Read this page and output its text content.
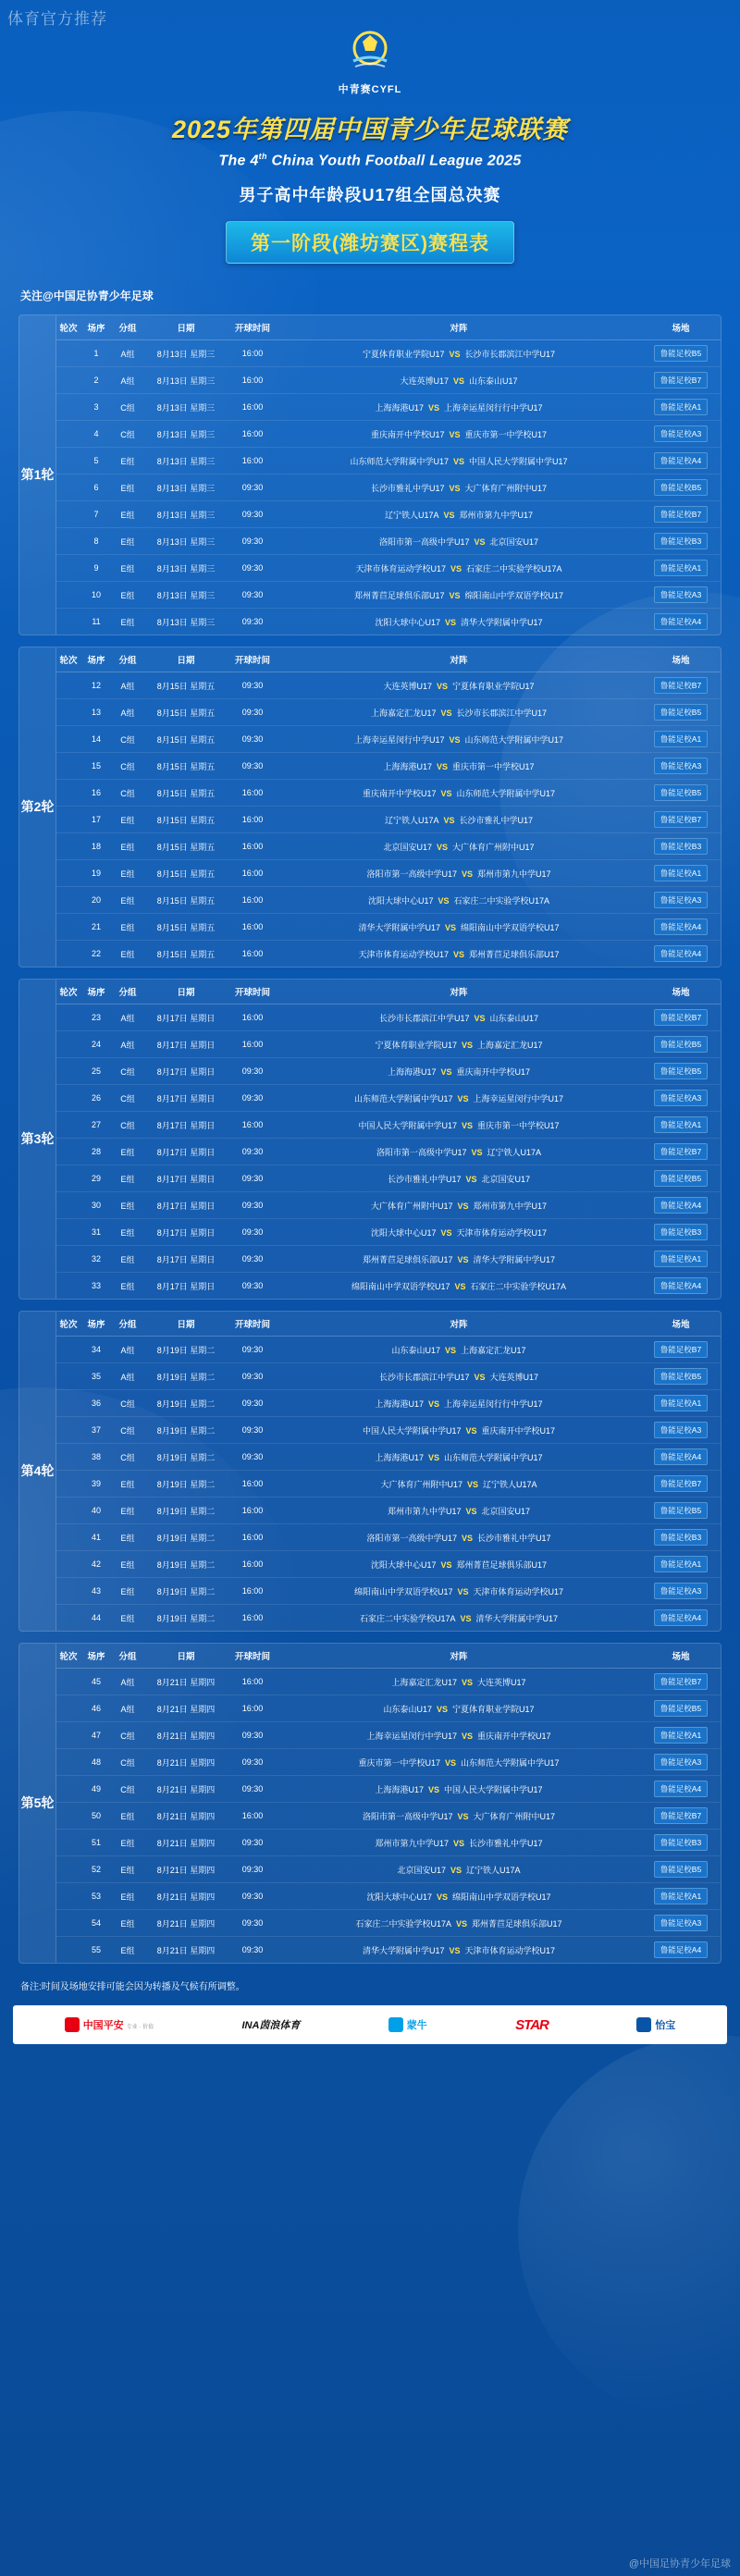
体育官方推荐
中青赛CYFL
2025年第四届中国青少年足球联赛
The 4th China Youth Football League 2025
男子高中年龄段U17组全国总决赛
第一阶段(潍坊赛区)赛程表
关注@中国足协青少年足球
第1轮
轮次	场序	分组	日期	开球时间	对阵	场地
	1	A组	8月13日 星期三	16:00	宁夏体育职业学院U17 VS 长沙市长郡滨江中学U17	鲁能足校B5
	2	A组	8月13日 星期三	16:00	大连英博U17 VS 山东泰山U17	鲁能足校B7
	3	C组	8月13日 星期三	16:00	上海海港U17 VS 上海幸运星闵行行中学U17	鲁能足校A1
	4	C组	8月13日 星期三	16:00	重庆南开中学校U17 VS 重庆市第一中学校U17	鲁能足校A3
	5	E组	8月13日 星期三	16:00	山东师范大学附属中学U17 VS 中国人民大学附属中学U17	鲁能足校A4
	6	E组	8月13日 星期三	09:30	长沙市雅礼中学U17 VS 大广体育广州附中U17	鲁能足校B5
	7	E组	8月13日 星期三	09:30	辽宁铁人U17A VS 郑州市第九中学U17	鲁能足校B7
	8	E组	8月13日 星期三	09:30	洛阳市第一高级中学U17 VS 北京国安U17	鲁能足校B3
	9	E组	8月13日 星期三	09:30	天津市体育运动学校U17 VS 石家庄二中实验学校U17A	鲁能足校A1
	10	E组	8月13日 星期三	09:30	郑州菁苣足球俱乐部U17 VS 绵阳南山中学双语学校U17	鲁能足校A3
	11	E组	8月13日 星期三	09:30	沈阳大球中心U17 VS 清华大学附属中学U17	鲁能足校A4
第2轮
轮次	场序	分组	日期	开球时间	对阵	场地
	12	A组	8月15日 星期五	09:30	大连英博U17 VS 宁夏体育职业学院U17	鲁能足校B7
	13	A组	8月15日 星期五	09:30	上海嘉定汇龙U17 VS 长沙市长郡滨江中学U17	鲁能足校B5
	14	C组	8月15日 星期五	09:30	上海幸运星闵行中学U17 VS 山东师范大学附属中学U17	鲁能足校A1
	15	C组	8月15日 星期五	09:30	上海海港U17 VS 重庆市第一中学校U17	鲁能足校A3
	16	C组	8月15日 星期五	16:00	重庆南开中学校U17 VS 山东师范大学附属中学U17	鲁能足校B5
	17	E组	8月15日 星期五	16:00	辽宁铁人U17A VS 长沙市雅礼中学U17	鲁能足校B7
	18	E组	8月15日 星期五	16:00	北京国安U17 VS 大广体育广州附中U17	鲁能足校B3
	19	E组	8月15日 星期五	16:00	洛阳市第一高级中学U17 VS 郑州市第九中学U17	鲁能足校A1
	20	E组	8月15日 星期五	16:00	沈阳大球中心U17 VS 石家庄二中实验学校U17A	鲁能足校A3
	21	E组	8月15日 星期五	16:00	清华大学附属中学U17 VS 绵阳南山中学双语学校U17	鲁能足校A4
	22	E组	8月15日 星期五	16:00	天津市体育运动学校U17 VS 郑州菁苣足球俱乐部U17	鲁能足校A4
第3轮
轮次	场序	分组	日期	开球时间	对阵	场地
	23	A组	8月17日 星期日	16:00	长沙市长郡滨江中学U17 VS 山东泰山U17	鲁能足校B7
	24	A组	8月17日 星期日	16:00	宁夏体育职业学院U17 VS 上海嘉定汇龙U17	鲁能足校B5
	25	C组	8月17日 星期日	09:30	上海海港U17 VS 重庆南开中学校U17	鲁能足校B5
	26	C组	8月17日 星期日	09:30	山东师范大学附属中学U17 VS 上海幸运星闵行中学U17	鲁能足校A3
	27	C组	8月17日 星期日	16:00	中国人民大学附属中学U17 VS 重庆市第一中学校U17	鲁能足校A1
	28	E组	8月17日 星期日	09:30	洛阳市第一高级中学U17 VS 辽宁铁人U17A	鲁能足校B7
	29	E组	8月17日 星期日	09:30	长沙市雅礼中学U17 VS 北京国安U17	鲁能足校B5
	30	E组	8月17日 星期日	09:30	大广体育广州附中U17 VS 郑州市第九中学U17	鲁能足校A4
	31	E组	8月17日 星期日	09:30	沈阳大球中心U17 VS 天津市体育运动学校U17	鲁能足校B3
	32	E组	8月17日 星期日	09:30	郑州菁苣足球俱乐部U17 VS 清华大学附属中学U17	鲁能足校A1
	33	E组	8月17日 星期日	09:30	绵阳南山中学双语学校U17 VS 石家庄二中实验学校U17A	鲁能足校A4
第4轮
轮次	场序	分组	日期	开球时间	对阵	场地
	34	A组	8月19日 星期二	09:30	山东泰山U17 VS 上海嘉定汇龙U17	鲁能足校B7
	35	A组	8月19日 星期二	09:30	长沙市长郡滨江中学U17 VS 大连英博U17	鲁能足校B5
	36	C组	8月19日 星期二	09:30	上海海港U17 VS 上海幸运星闵行行中学U17	鲁能足校A1
	37	C组	8月19日 星期二	09:30	中国人民大学附属中学U17 VS 重庆南开中学校U17	鲁能足校A3
	38	C组	8月19日 星期二	09:30	上海海港U17 VS 山东师范大学附属中学U17	鲁能足校A4
	39	E组	8月19日 星期二	16:00	大广体育广州附中U17 VS 辽宁铁人U17A	鲁能足校B7
	40	E组	8月19日 星期二	16:00	郑州市第九中学U17 VS 北京国安U17	鲁能足校B5
	41	E组	8月19日 星期二	16:00	洛阳市第一高级中学U17 VS 长沙市雅礼中学U17	鲁能足校B3
	42	E组	8月19日 星期二	16:00	沈阳大球中心U17 VS 郑州菁苣足球俱乐部U17	鲁能足校A1
	43	E组	8月19日 星期二	16:00	绵阳南山中学双语学校U17 VS 天津市体育运动学校U17	鲁能足校A3
	44	E组	8月19日 星期二	16:00	石家庄二中实验学校U17A VS 清华大学附属中学U17	鲁能足校A4
第5轮
轮次	场序	分组	日期	开球时间	对阵	场地
	45	A组	8月21日 星期四	16:00	上海嘉定汇龙U17 VS 大连英博U17	鲁能足校B7
	46	A组	8月21日 星期四	16:00	山东泰山U17 VS 宁夏体育职业学院U17	鲁能足校B5
	47	C组	8月21日 星期四	09:30	上海幸运星闵行中学U17 VS 重庆南开中学校U17	鲁能足校A1
	48	C组	8月21日 星期四	09:30	重庆市第一中学校U17 VS 山东师范大学附属中学U17	鲁能足校A3
	49	C组	8月21日 星期四	09:30	上海海港U17 VS 中国人民大学附属中学U17	鲁能足校A4
	50	E组	8月21日 星期四	16:00	洛阳市第一高级中学U17 VS 大广体育广州附中U17	鲁能足校B7
	51	E组	8月21日 星期四	09:30	郑州市第九中学U17 VS 长沙市雅礼中学U17	鲁能足校B3
	52	E组	8月21日 星期四	09:30	北京国安U17 VS 辽宁铁人U17A	鲁能足校B5
	53	E组	8月21日 星期四	09:30	沈阳大球中心U17 VS 绵阳南山中学双语学校U17	鲁能足校A1
	54	E组	8月21日 星期四	09:30	石家庄二中实验学校U17A VS 郑州菁苣足球俱乐部U17	鲁能足校A3
	55	E组	8月21日 星期四	09:30	清华大学附属中学U17 VS 天津市体育运动学校U17	鲁能足校A4
备注:时间及场地安排可能会因为转播及气候有所调整。
中国平安 专业 · 价值	INA茵浪体育	蒙牛	STAR	怡宝
@中国足协青少年足球
